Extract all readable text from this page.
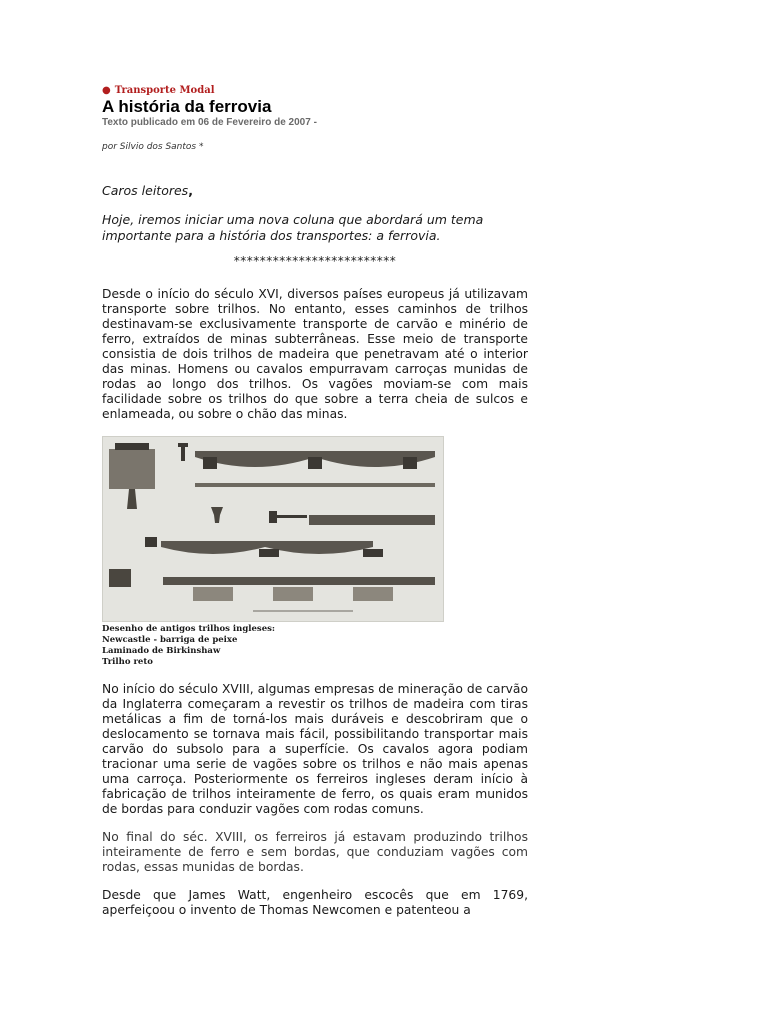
● Transporte Modal

A história da ferrovia

Texto publicado em 06 de Fevereiro de 2007 -

por Silvio dos Santos *

Caros leitores,

Hoje, iremos iniciar uma nova coluna que abordará um tema importante para a história dos transportes: a ferrovia.

*************************

Desde o início do século XVI, diversos países europeus já utilizavam transporte sobre trilhos. No entanto, esses caminhos de trilhos destinavam-se exclusivamente transporte de carvão e minério de ferro, extraídos de minas subterrâneas. Esse meio de transporte consistia de dois trilhos de madeira que penetravam até o interior das minas. Homens ou cavalos empurravam carroças munidas de rodas ao longo dos trilhos. Os vagões moviam-se com mais facilidade sobre os trilhos do que sobre a terra cheia de sulcos e enlameada, ou sobre o chão das minas.

Desenho de antigos trilhos ingleses:
Newcastle - barriga de peixe
Laminado de Birkinshaw
Trilho reto

No início do século XVIII, algumas empresas de mineração de carvão da Inglaterra começaram a revestir os trilhos de madeira com tiras metálicas a fim de torná-los mais duráveis e descobriram que o deslocamento se tornava mais fácil, possibilitando transportar mais carvão do subsolo para a superfície. Os cavalos agora podiam tracionar uma serie de vagões sobre os trilhos e não mais apenas uma carroça. Posteriormente os ferreiros ingleses deram início à fabricação de trilhos inteiramente de ferro, os quais eram munidos de bordas para conduzir vagões com rodas comuns.

No final do séc. XVIII, os ferreiros já estavam produzindo trilhos inteiramente de ferro e sem bordas, que conduziam vagões com rodas, essas munidas de bordas.

Desde que James Watt, engenheiro escocês que em 1769, aperfeiçoou o invento de Thomas Newcomen e patenteou a
